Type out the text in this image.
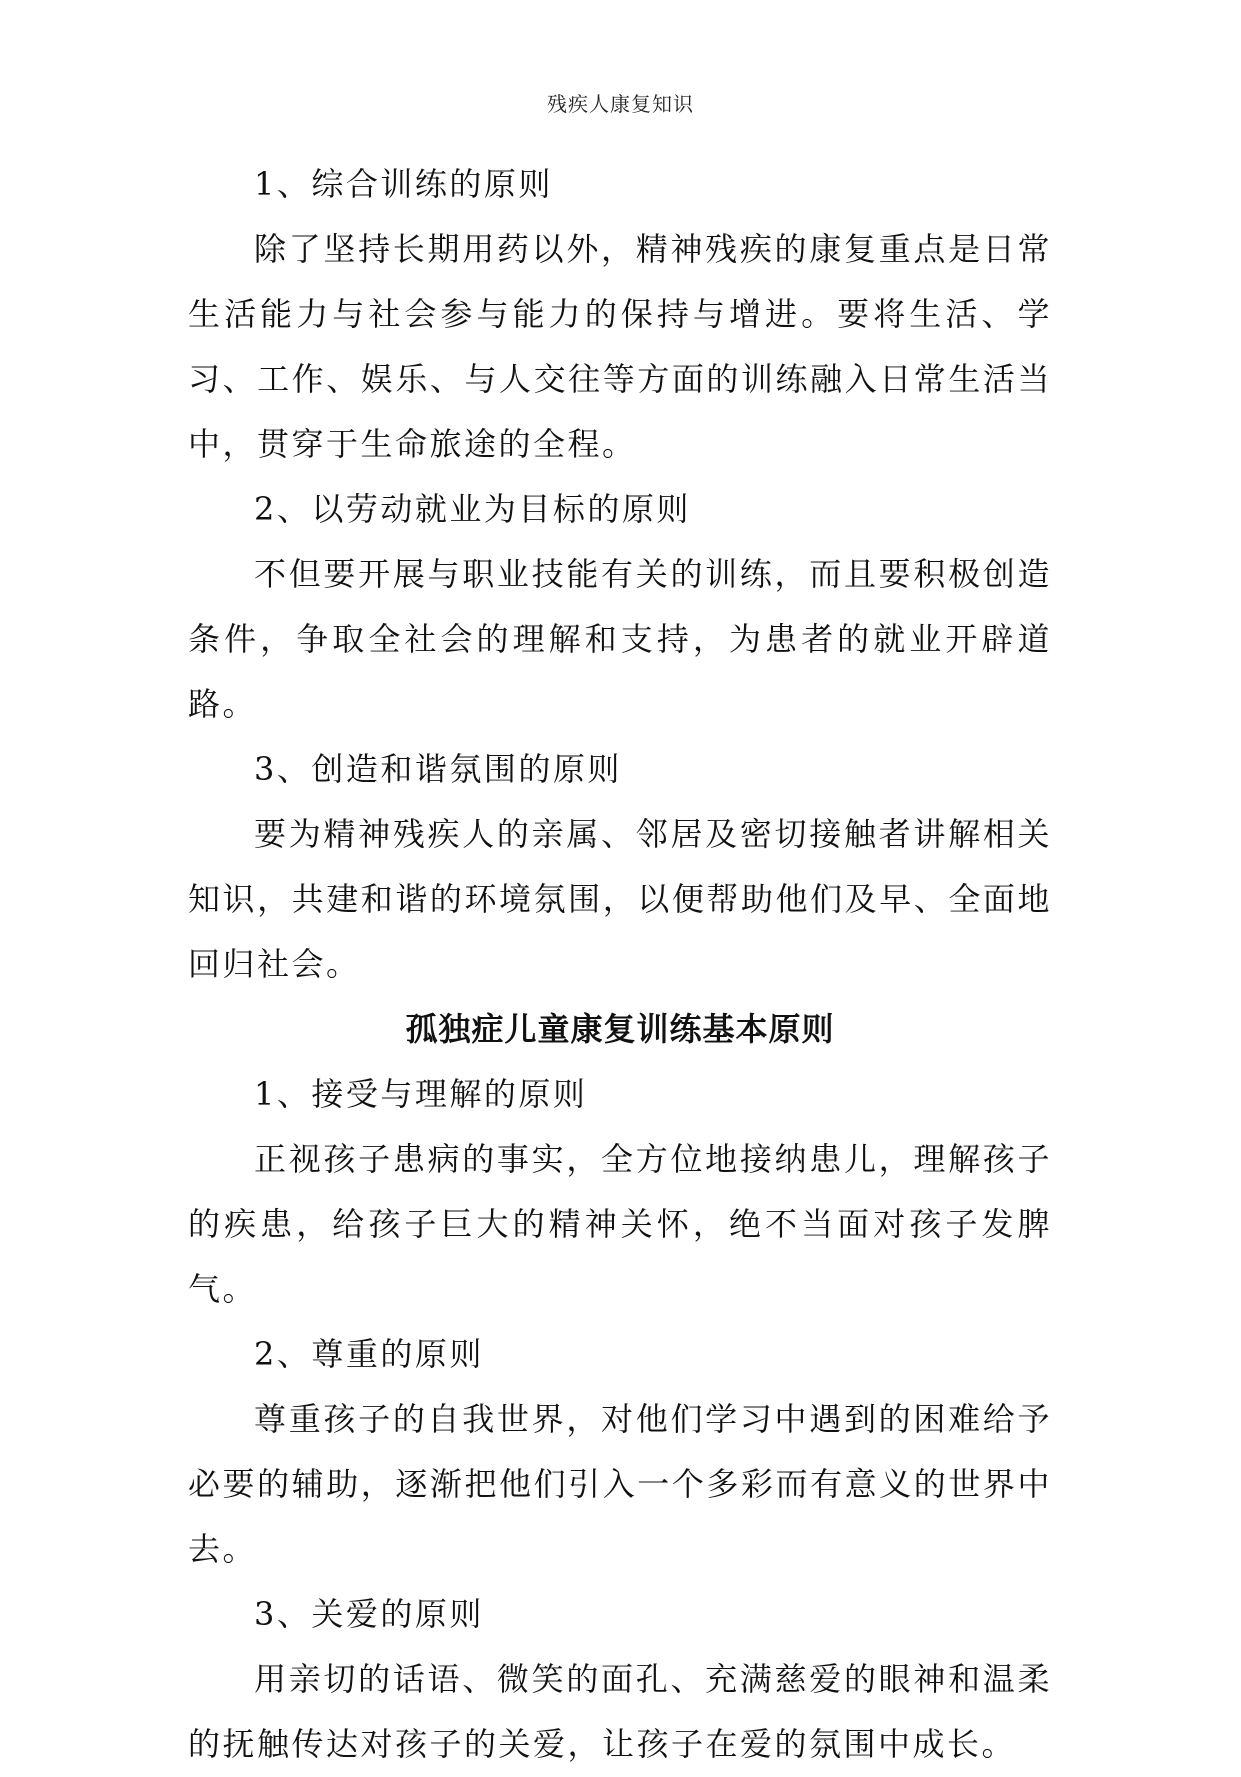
残疾人康复知识

1、综合训练的原则

除了坚持长期用药以外，精神残疾的康复重点是日常生活能力与社会参与能力的保持与增进。要将生活、学习、工作、娱乐、与人交往等方面的训练融入日常生活当中，贯穿于生命旅途的全程。

2、以劳动就业为目标的原则

不但要开展与职业技能有关的训练，而且要积极创造条件，争取全社会的理解和支持，为患者的就业开辟道路。

3、创造和谐氛围的原则

要为精神残疾人的亲属、邻居及密切接触者讲解相关知识，共建和谐的环境氛围，以便帮助他们及早、全面地回归社会。

孤独症儿童康复训练基本原则

1、接受与理解的原则

正视孩子患病的事实，全方位地接纳患儿，理解孩子的疾患，给孩子巨大的精神关怀，绝不当面对孩子发脾气。

2、尊重的原则

尊重孩子的自我世界，对他们学习中遇到的困难给予必要的辅助，逐渐把他们引入一个多彩而有意义的世界中去。

3、关爱的原则

用亲切的话语、微笑的面孔、充满慈爱的眼神和温柔的抚触传达对孩子的关爱，让孩子在爱的氛围中成长。
